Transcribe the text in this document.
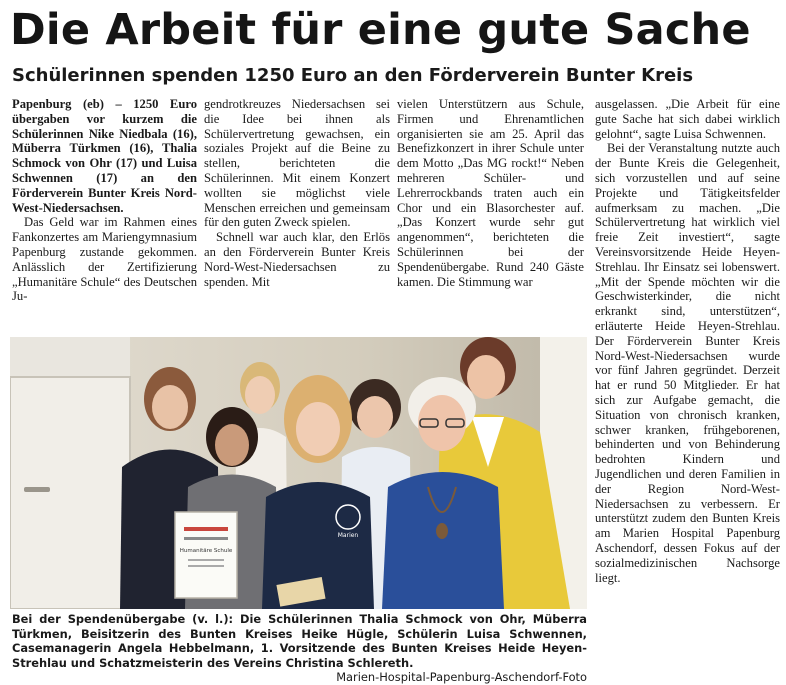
Die Arbeit für eine gute Sache
Schülerinnen spenden 1250 Euro an den Förderverein Bunter Kreis

Papenburg (eb) – 1250 Euro übergaben vor kurzem die Schülerinnen Nike Niedbala (16), Müberra Türkmen (16), Thalia Schmock von Ohr (17) und Luisa Schwennen (17) an den Förderverein Bunter Kreis Nord-West-Niedersachsen.

Das Geld war im Rahmen eines Fankonzertes am Mariengymnasium Papenburg zustande gekommen. Anlässlich der Zertifizierung „Humanitäre Schule“ des Deutschen Ju-

gendrotkreuzes Niedersachsen sei die Idee bei ihnen als Schülervertretung gewachsen, ein soziales Projekt auf die Beine zu stellen, berichteten die Schülerinnen. Mit einem Konzert wollten sie möglichst viele Menschen erreichen und gemeinsam für den guten Zweck spielen.

Schnell war auch klar, den Erlös an den Förderverein Bunter Kreis Nord-West-Niedersachsen zu spenden. Mit

vielen Unterstützern aus Schule, Firmen und Ehrenamtlichen organisierten sie am 25. April das Benefizkonzert in ihrer Schule unter dem Motto „Das MG rockt!“ Neben mehreren Schüler- und Lehrerrockbands traten auch ein Chor und ein Blasorchester auf. „Das Konzert wurde sehr gut angenommen“, berichteten die Schülerinnen bei der Spendenübergabe. Rund 240 Gäste kamen. Die Stimmung war

ausgelassen. „Die Arbeit für eine gute Sache hat sich dabei wirklich gelohnt“, sagte Luisa Schwennen.

Bei der Veranstaltung nutzte auch der Bunte Kreis die Gelegenheit, sich vorzustellen und auf seine Projekte und Tätigkeitsfelder aufmerksam zu machen. „Die Schülervertretung hat wirklich viel freie Zeit investiert“, sagte Vereinsvorsitzende Heide Heyen-Strehlau. Ihr Einsatz sei lobenswert. „Mit der Spende möchten wir die Geschwisterkinder, die nicht erkrankt sind, unterstützen“, erläuterte Heide Heyen-Strehlau. Der Förderverein Bunter Kreis Nord-West-Niedersachsen wurde vor fünf Jahren gegründet. Derzeit hat er rund 50 Mitglieder. Er hat sich zur Aufgabe gemacht, die Situation von chronisch kranken, schwer kranken, frühgeborenen, behinderten und von Behinderung bedrohten Kindern und Jugendlichen und deren Familien in der Region Nord-West-Niedersachsen zu verbessern. Er unterstützt zudem den Bunten Kreis am Marien Hospital Papenburg Aschendorf, dessen Fokus auf der sozialmedizinischen Nachsorge liegt.

Humanitäre Schule
Marien
Bei der Spendenübergabe (v. l.): Die Schülerinnen Thalia Schmock von Ohr, Müberra Türkmen, Beisitzerin des Bunten Kreises Heike Hügle, Schülerin Luisa Schwennen, Casemanagerin Angela Hebbelmann, 1. Vorsitzende des Bunten Kreises Heide Heyen-Strehlau und Schatzmeisterin des Vereins Christina Schlereth.
Marien-Hospital-Papenburg-Aschendorf-Foto
